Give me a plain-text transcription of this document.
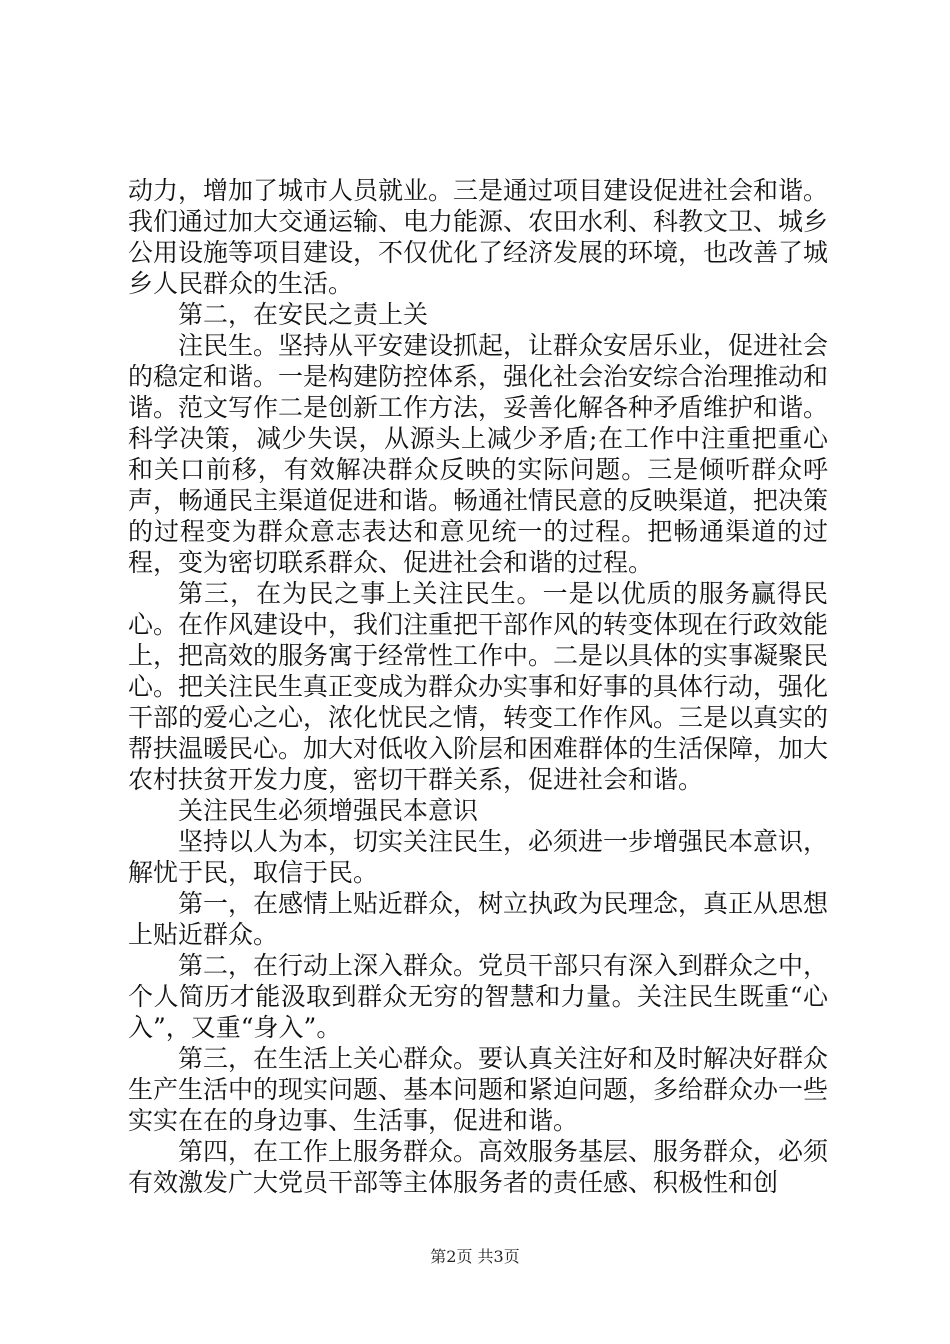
动力，增加了城市人员就业。三是通过项目建设促进社会和谐。我们通过加大交通运输、电力能源、农田水利、科教文卫、城乡公用设施等项目建设，不仅优化了经济发展的环境，也改善了城乡人民群众的生活。

第二，在安民之责上关

注民生。坚持从平安建设抓起，让群众安居乐业，促进社会的稳定和谐。一是构建防控体系，强化社会治安综合治理推动和谐。范文写作二是创新工作方法，妥善化解各种矛盾维护和谐。科学决策，减少失误，从源头上减少矛盾;在工作中注重把重心和关口前移，有效解决群众反映的实际问题。三是倾听群众呼声，畅通民主渠道促进和谐。畅通社情民意的反映渠道，把决策的过程变为群众意志表达和意见统一的过程。把畅通渠道的过程，变为密切联系群众、促进社会和谐的过程。

第三，在为民之事上关注民生。一是以优质的服务赢得民心。在作风建设中，我们注重把干部作风的转变体现在行政效能上，把高效的服务寓于经常性工作中。二是以具体的实事凝聚民心。把关注民生真正变成为群众办实事和好事的具体行动，强化干部的爱心之心，浓化忧民之情，转变工作作风。三是以真实的帮扶温暖民心。加大对低收入阶层和困难群体的生活保障，加大农村扶贫开发力度，密切干群关系，促进社会和谐。

关注民生必须增强民本意识

坚持以人为本，切实关注民生，必须进一步增强民本意识，解忧于民，取信于民。

第一，在感情上贴近群众，树立执政为民理念，真正从思想上贴近群众。

第二，在行动上深入群众。党员干部只有深入到群众之中，个人简历才能汲取到群众无穷的智慧和力量。关注民生既重“心入”，又重“身入”。

第三，在生活上关心群众。要认真关注好和及时解决好群众生产生活中的现实问题、基本问题和紧迫问题，多给群众办一些实实在在的身边事、生活事，促进和谐。

第四，在工作上服务群众。高效服务基层、服务群众，必须有效激发广大党员干部等主体服务者的责任感、积极性和创

第2页 共3页
